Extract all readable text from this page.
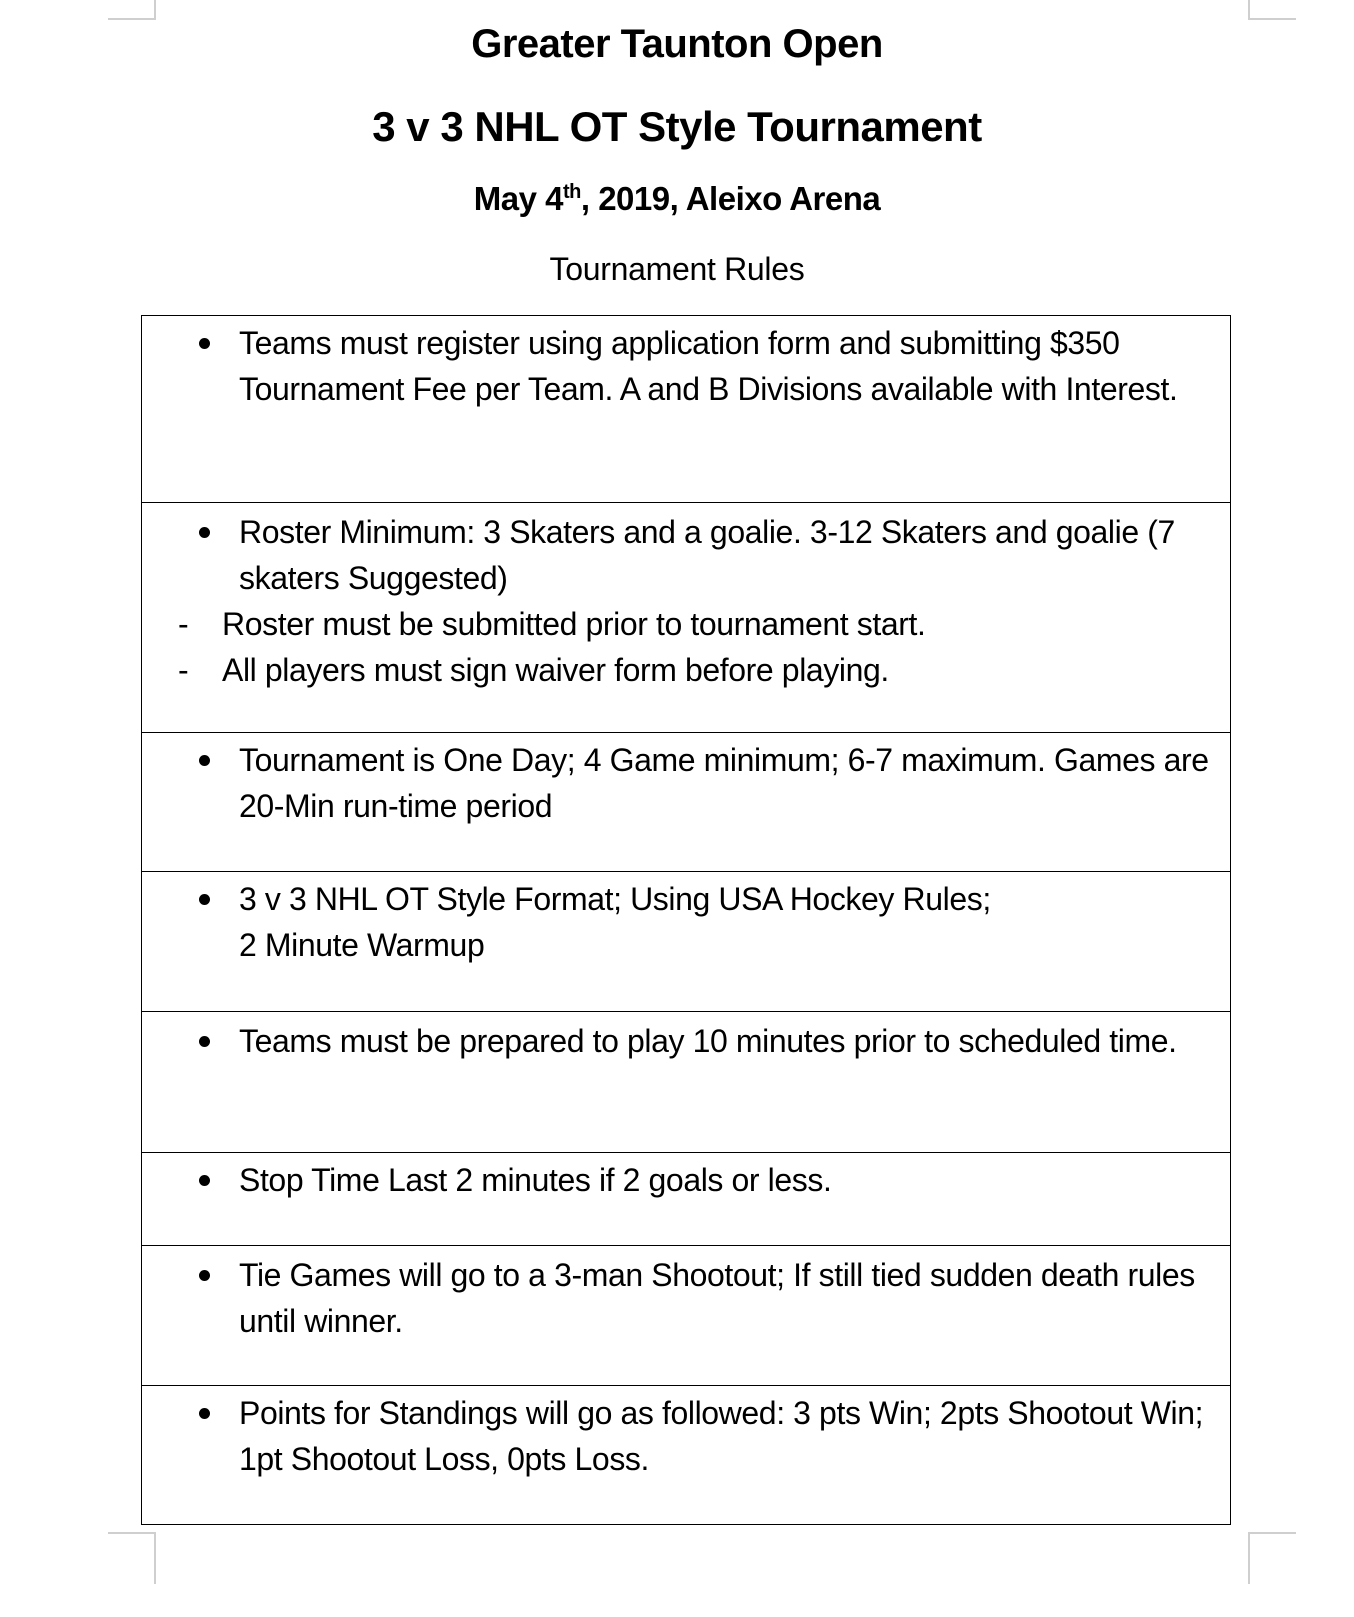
Greater Taunton Open
3 v 3 NHL OT Style Tournament
May 4th, 2019, Aleixo Arena
Tournament Rules

Teams must register using application form and submitting $350 Tournament Fee per Team. A and B Divisions available with Interest.

Roster Minimum: 3 Skaters and a goalie. 3-12 Skaters and goalie (7 skaters Suggested)

- Roster must be submitted prior to tournament start.

- All players must sign waiver form before playing.

Tournament is One Day; 4 Game minimum; 6-7 maximum. Games are 20-Min run-time period

3 v 3 NHL OT Style Format; Using USA Hockey Rules;
2 Minute Warmup

Teams must be prepared to play 10 minutes prior to scheduled time.

Stop Time Last 2 minutes if 2 goals or less.

Tie Games will go to a 3-man Shootout; If still tied sudden death rules until winner.

Points for Standings will go as followed: 3 pts Win; 2pts Shootout Win; 1pt Shootout Loss, 0pts Loss.
